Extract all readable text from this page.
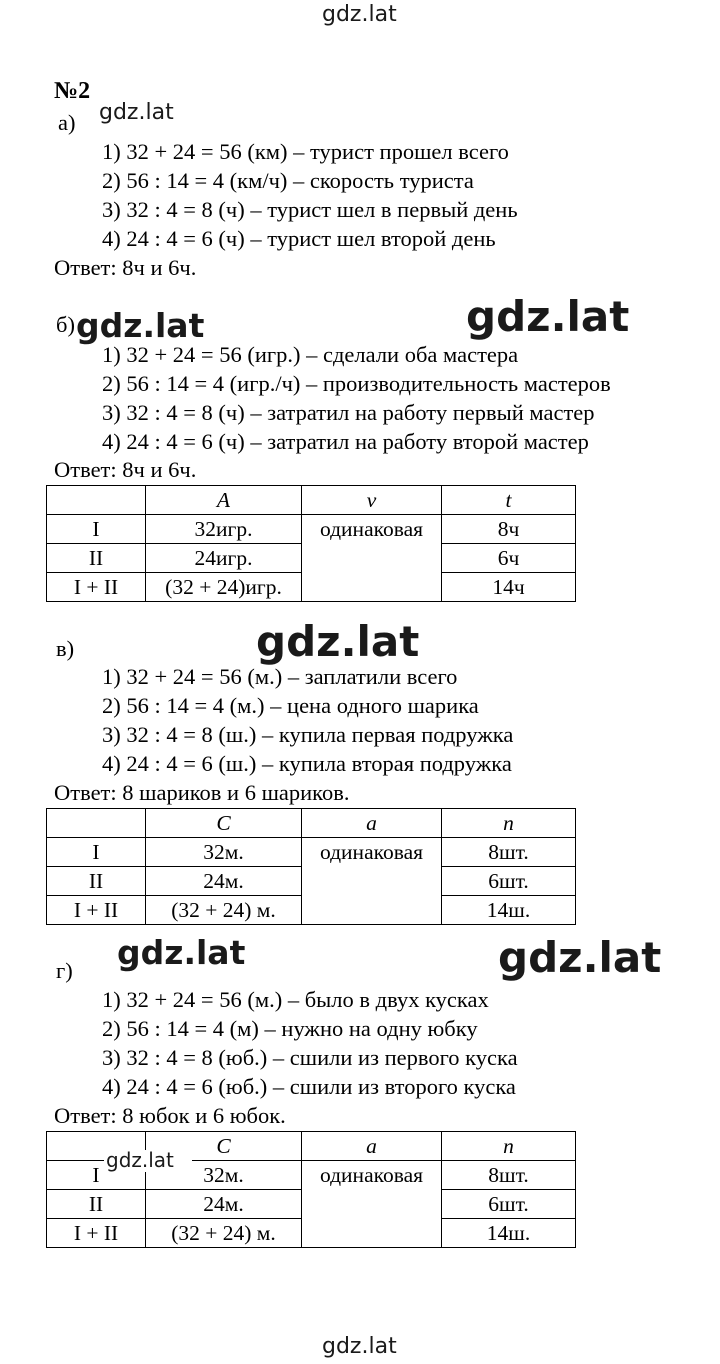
gdz.lat
gdz.lat
gdz.lat	gdz.lat
gdz.lat
gdz.lat	gdz.lat
gdz.lat
№2
а)
1) 32 + 24 = 56 (км) – турист прошел всего
2) 56 : 14 = 4 (км/ч) – скорость туриста
3) 32 : 4 = 8 (ч) – турист шел в первый день
4) 24 : 4 = 6 (ч) – турист шел второй день
Ответ: 8ч и 6ч.
б)
1) 32 + 24 = 56 (игр.) – сделали оба мастера
2) 56 : 14 = 4 (игр./ч) – производительность мастеров
3) 32 : 4 = 8 (ч) – затратил на работу первый мастер
4) 24 : 4 = 6 (ч) – затратил на работу второй мастер
Ответ: 8ч и 6ч.
	A	v	t
I	32игр.	одинаковая	8ч
II	24игр.		6ч
I + II	(32 + 24)игр.		14ч
в)
1) 32 + 24 = 56 (м.) – заплатили всего
2) 56 : 14 = 4 (м.) – цена одного шарика
3) 32 : 4 = 8 (ш.) – купила первая подружка
4) 24 : 4 = 6 (ш.) – купила вторая подружка
Ответ: 8 шариков и 6 шариков.
	C	a	n
I	32м.	одинаковая	8шт.
II	24м.		6шт.
I + II	(32 + 24) м.		14ш.
г)
1) 32 + 24 = 56 (м.) – было в двух кусках
2) 56 : 14 = 4 (м) – нужно на одну юбку
3) 32 : 4 = 8 (юб.) – сшили из первого куска
4) 24 : 4 = 6 (юб.) – сшили из второго куска
Ответ: 8 юбок и 6 юбок.
	C	a	n
I	32м.	одинаковая	8шт.
II	24м.		6шт.
I + II	(32 + 24) м.		14ш.
gdz.lat
